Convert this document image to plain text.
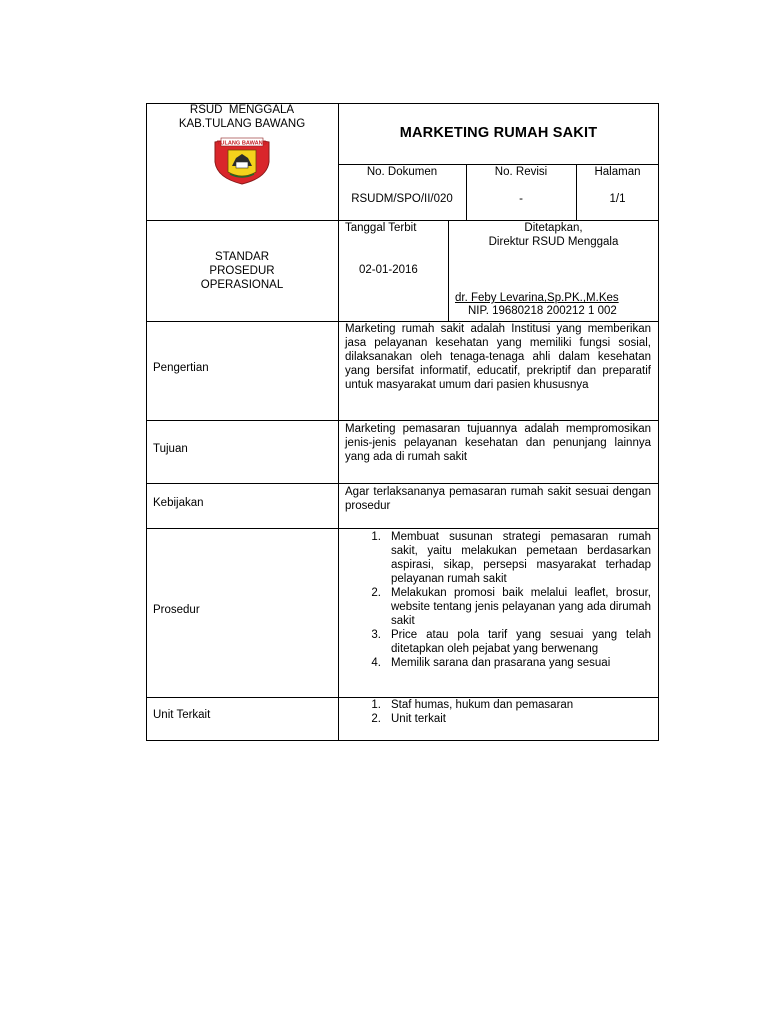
RSUD  MENGGALA
KAB.TULANG BAWANG
TULANG BAWANG
MARKETING RUMAH SAKIT
No. Dokumen	No. Revisi	Halaman
RSUDM/SPO/II/020	-	1/1
STANDAR
PROSEDUR
OPERASIONAL
Tanggal Terbit
02-01-2016
Ditetapkan,
Direktur RSUD Menggala
dr. Feby Levarina,Sp.PK.,M.Kes
NIP. 19680218 200212 1 002
Pengertian
Marketing rumah sakit adalah Institusi yang memberikan jasa pelayanan kesehatan yang memiliki fungsi sosial, dilaksanakan oleh tenaga-tenaga ahli dalam kesehatan yang bersifat informatif, educatif, prekriptif dan preparatif untuk masyarakat umum dari pasien khususnya
Tujuan
Marketing pemasaran tujuannya adalah mempromosikan jenis-jenis pelayanan kesehatan dan penunjang lainnya yang ada di rumah sakit
Kebijakan
Agar terlaksananya pemasaran rumah sakit sesuai dengan prosedur
Prosedur
1. Membuat susunan strategi pemasaran rumah sakit, yaitu melakukan pemetaan berdasarkan aspirasi, sikap, persepsi masyarakat terhadap pelayanan rumah sakit
2. Melakukan promosi baik melalui leaflet, brosur, website tentang jenis pelayanan yang ada dirumah sakit
3. Price atau pola tarif yang sesuai yang telah ditetapkan oleh pejabat yang berwenang
4. Memilik sarana dan prasarana yang sesuai
Unit Terkait
1. Staf humas, hukum dan pemasaran
2. Unit terkait
